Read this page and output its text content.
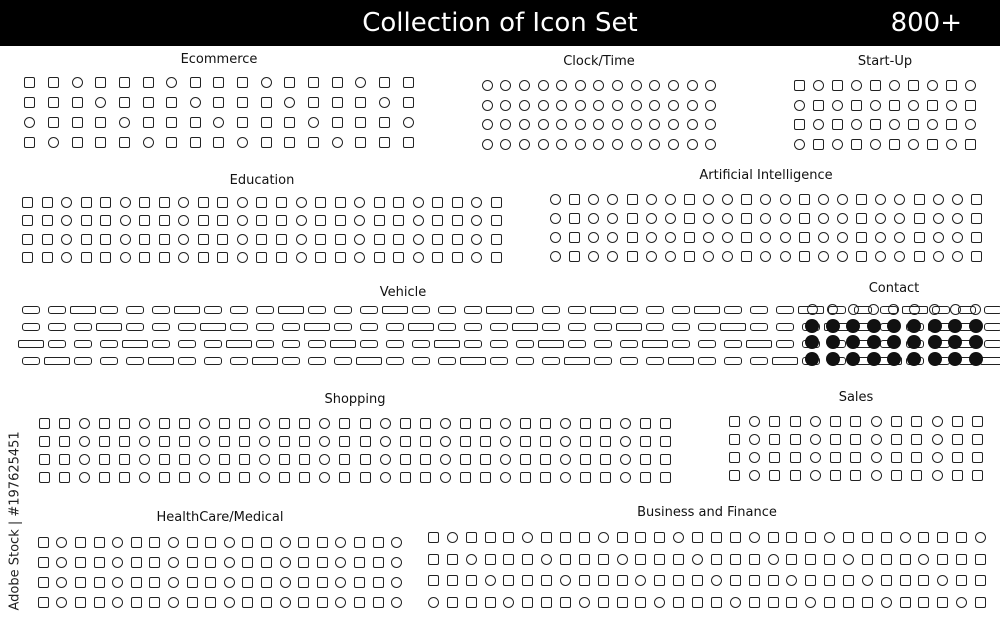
Collection of Icon Set	800+
Ecommerce	Clock/Time	Start-Up
Education	Artificial Intelligence
Vehicle	Contact
Shopping	Sales
HealthCare/Medical	Business and Finance
Adobe Stock | #197625451
